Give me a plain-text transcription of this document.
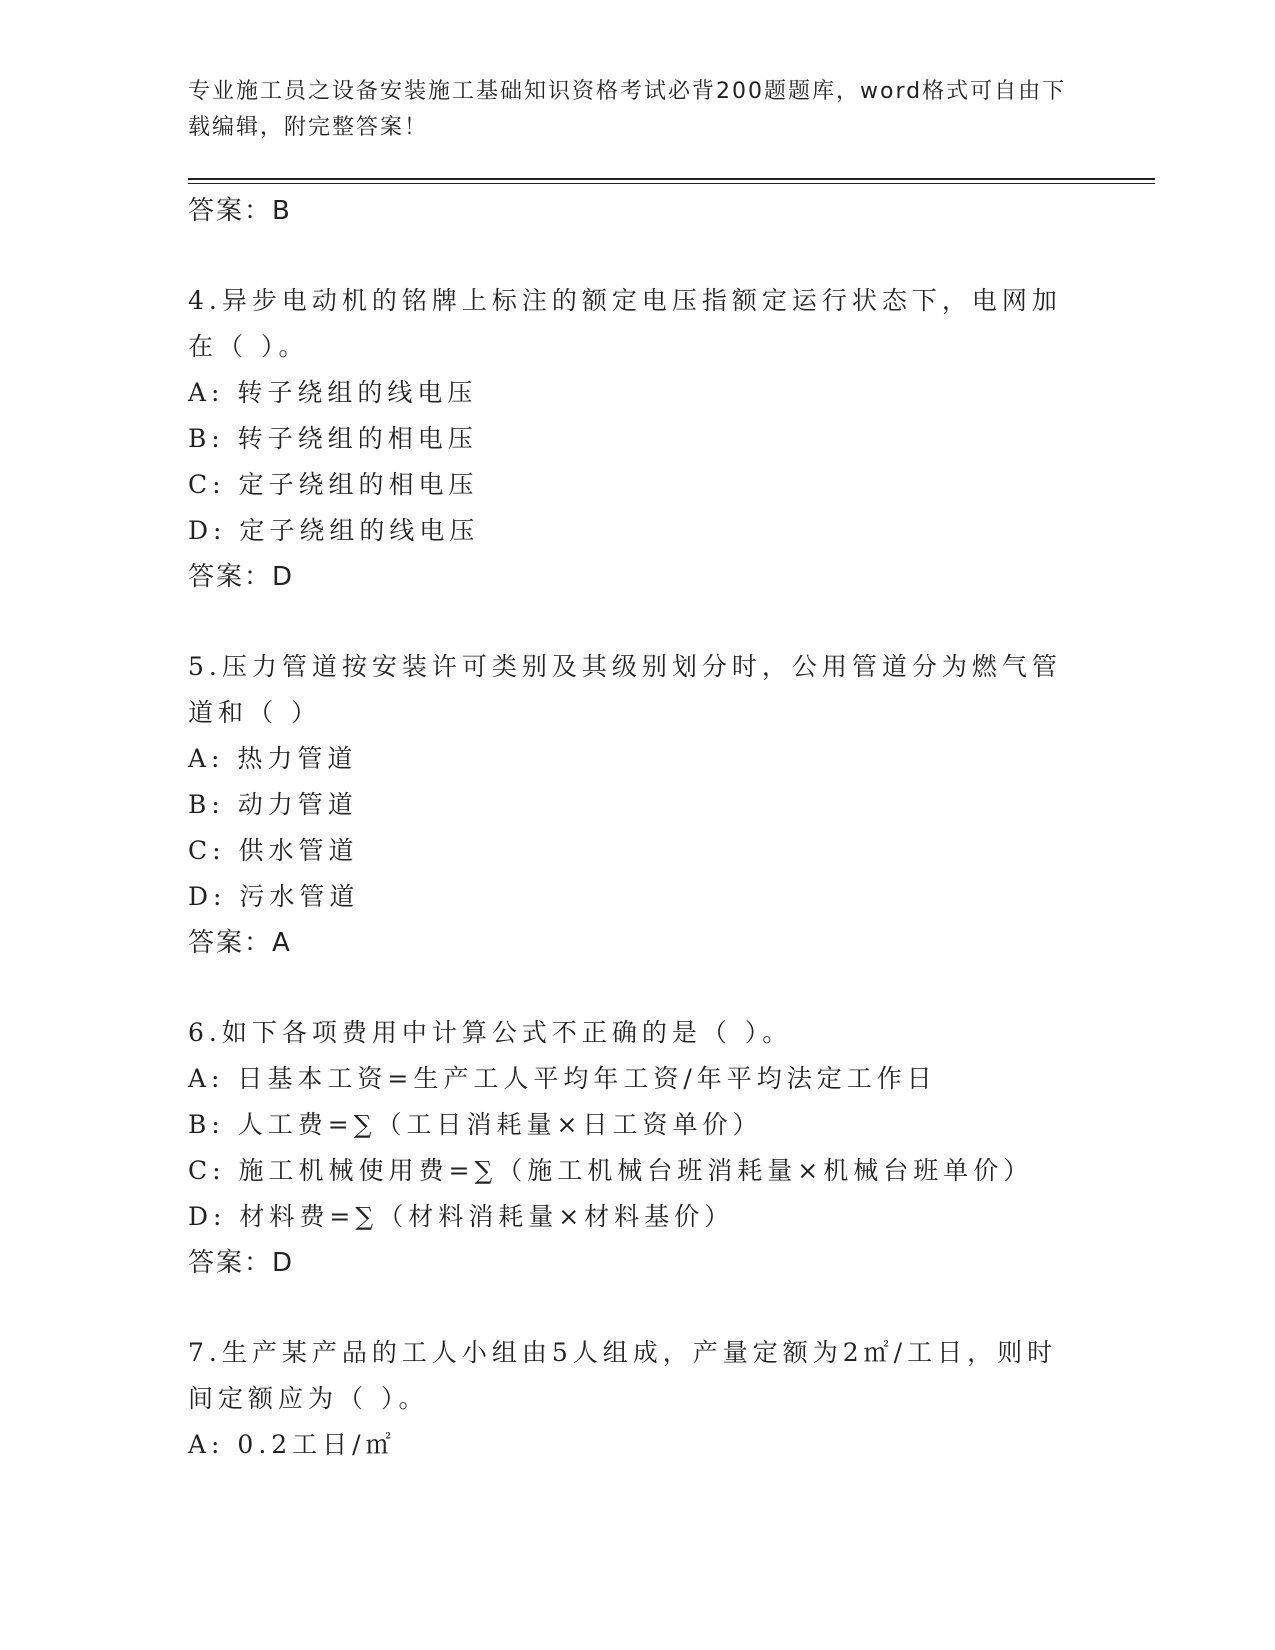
专业施工员之设备安装施工基础知识资格考试必背200题题库，word格式可自由下载编辑，附完整答案！

答案：B

4.异步电动机的铭牌上标注的额定电压指额定运行状态下，电网加在（ ）。

A: 转子绕组的线电压

B: 转子绕组的相电压

C: 定子绕组的相电压

D: 定子绕组的线电压

答案：D

5.压力管道按安装许可类别及其级别划分时，公用管道分为燃气管道和（ ）

A: 热力管道

B: 动力管道

C: 供水管道

D: 污水管道

答案：A

6.如下各项费用中计算公式不正确的是（ ）。

A: 日基本工资=生产工人平均年工资/年平均法定工作日

B: 人工费=∑（工日消耗量×日工资单价）

C: 施工机械使用费=∑（施工机械台班消耗量×机械台班单价）

D: 材料费=∑（材料消耗量×材料基价）

答案：D

7.生产某产品的工人小组由5人组成，产量定额为2㎡/工日，则时间定额应为（ ）。

A: 0.2工日/㎡
